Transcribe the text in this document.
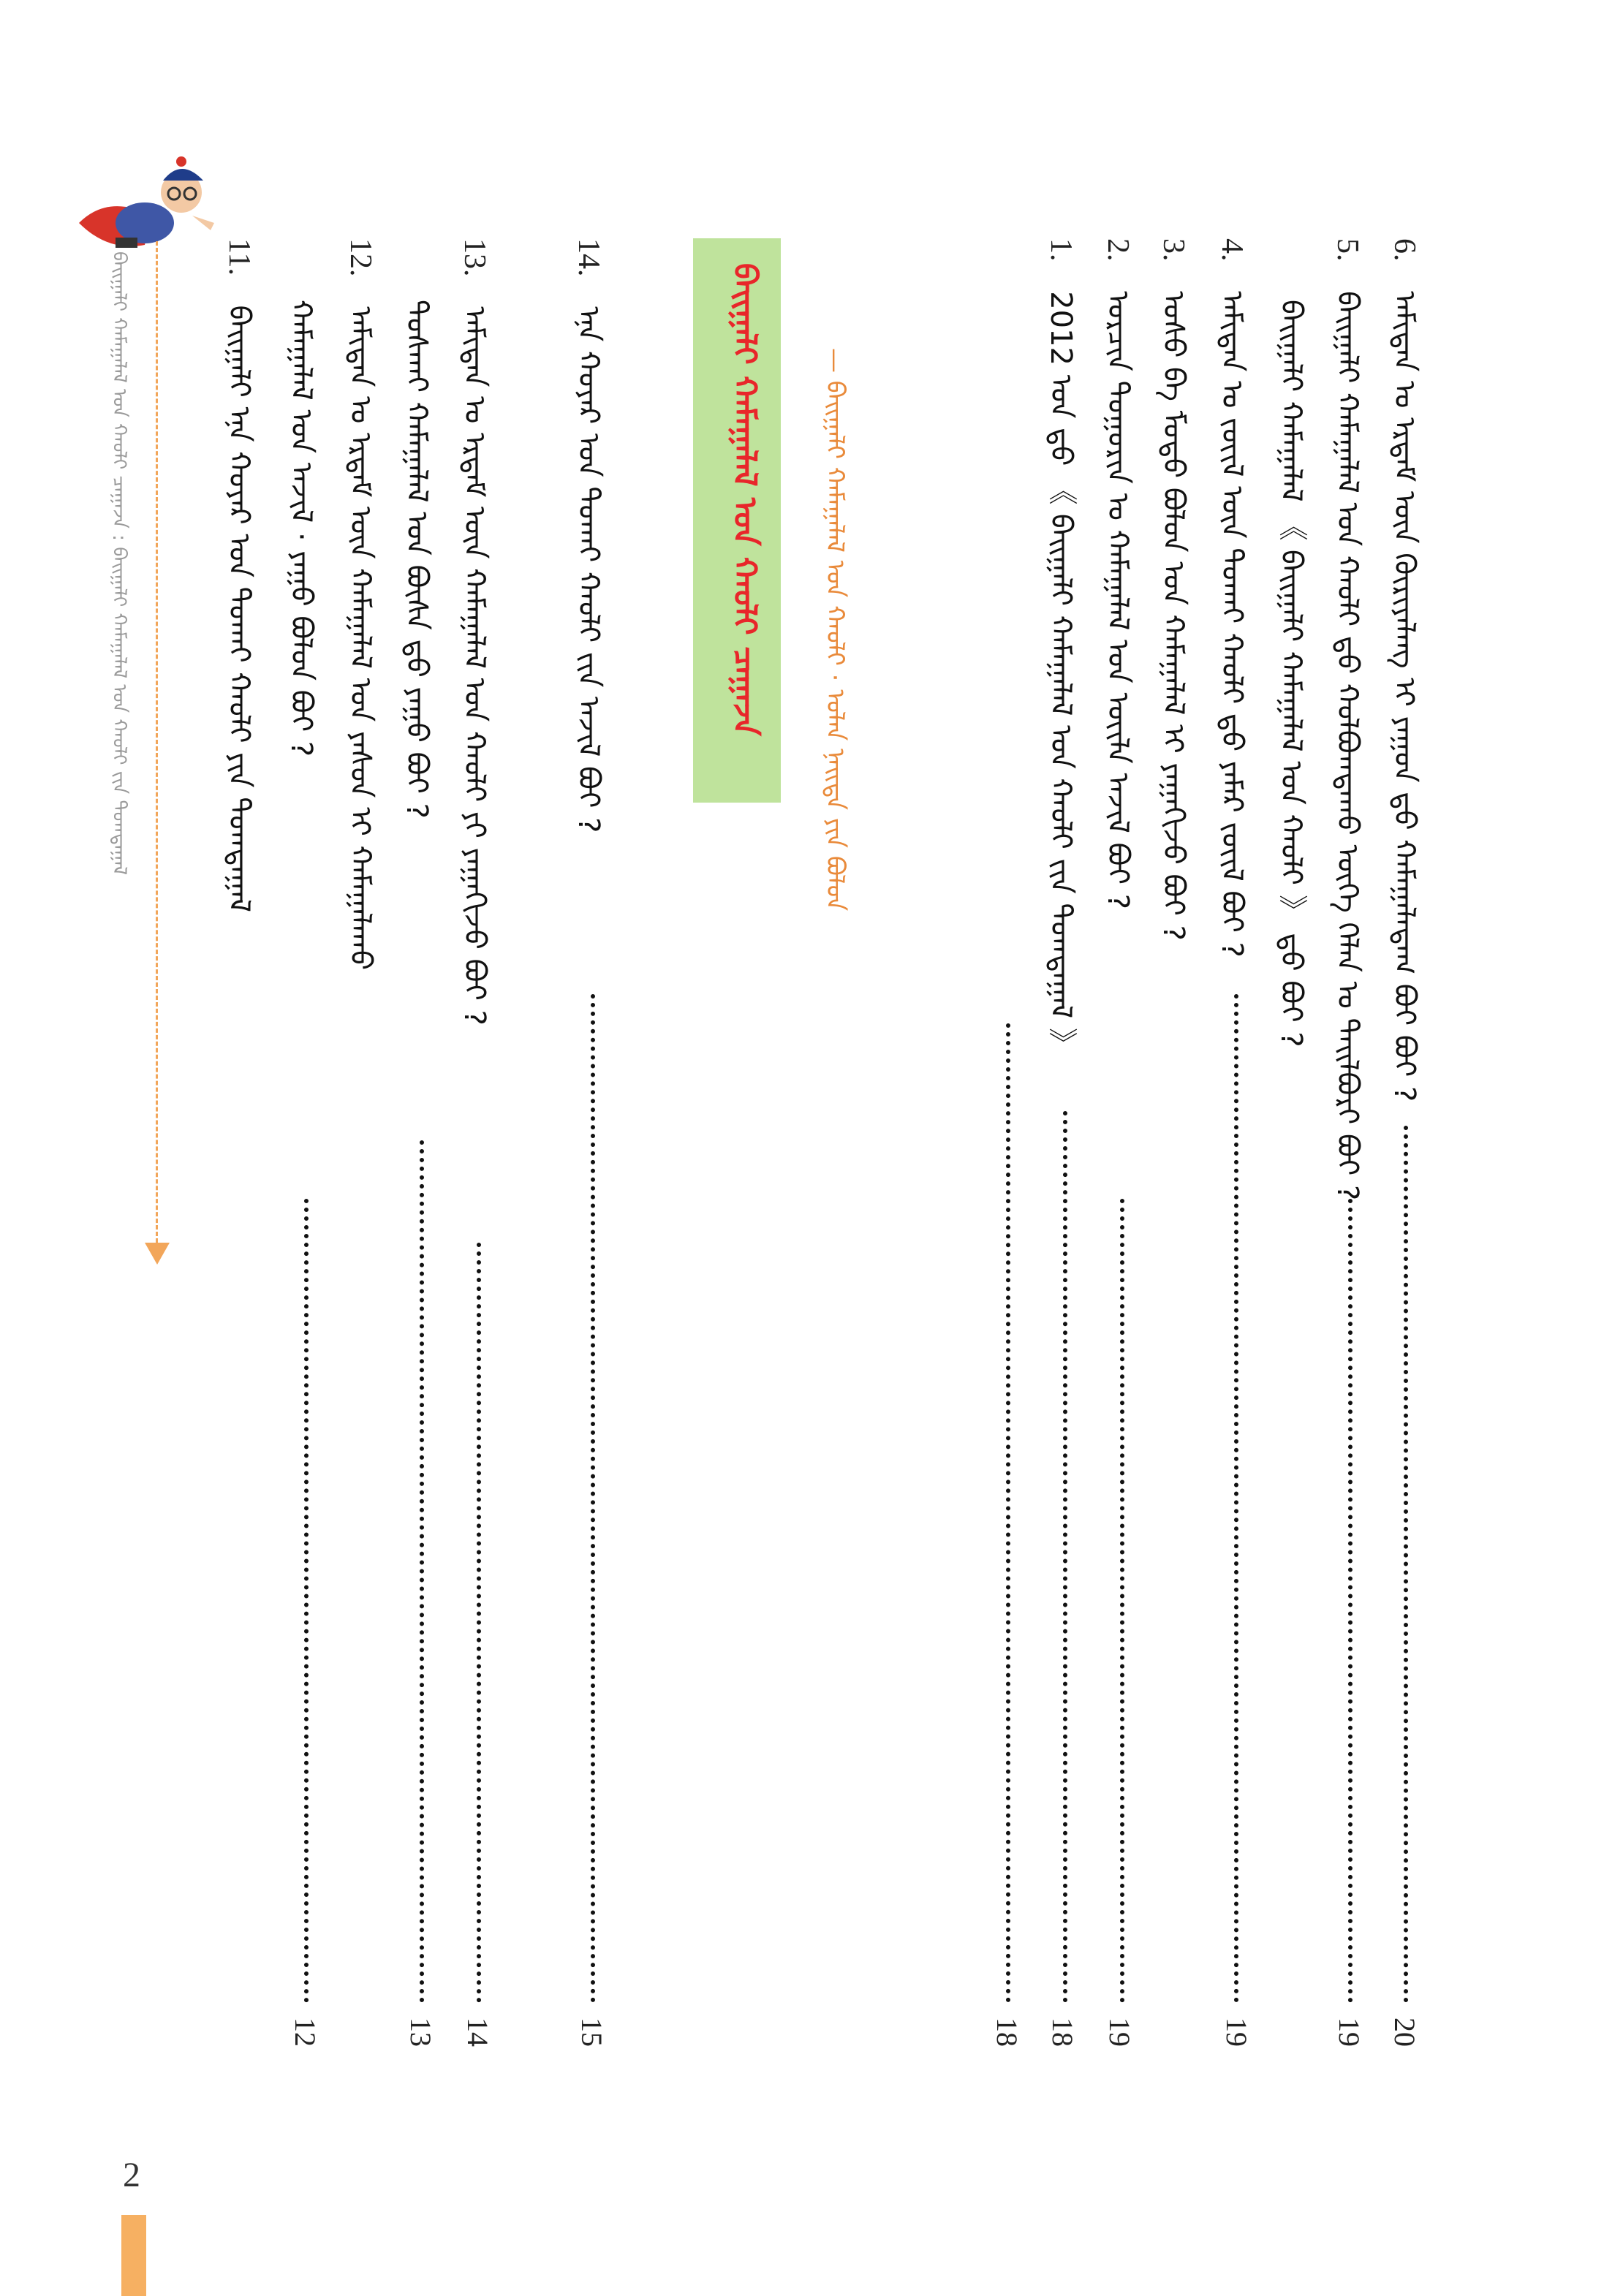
6. ᠠᠮᠢᠲᠠᠨ ᠤ ᠡᠷᠳᠡᠮ ᠦᠨ ᠬᠦᠷᠢᠶᠡᠯᠡᠩ ᠢ ᠶᠠᠭᠤᠨ ᠳ᠋ᠤ ᠬᠠᠮᠠᠭᠠᠯᠠᠳᠠᠭ ᠪᠤᠢ ᠪᠤᠢ ?
20
5. ᠪᠠᠢᠭᠠᠯᠢ ᠬᠠᠮᠠᠭᠠᠯᠠᠯ ᠤᠨ ᠬᠠᠤᠯᠢ ᠳ᠋ᠤ ᠬᠤᠯᠪᠤᠭᠳᠠᠬᠤ ᠦᠭᠡ ᠬᠡᠯᠡᠨ ᠤ ᠲᠠᠢᠯᠪᠤᠷᠢ ᠪᠤᠢ ?
19
ᠪᠠᠢᠭᠠᠯᠢ ᠬᠠᠮᠠᠭᠠᠯᠠᠯ 《 ᠪᠠᠢᠭᠠᠯᠢ ᠬᠠᠮᠠᠭᠠᠯᠠᠯ ᠤᠨ ᠬᠠᠤᠯᠢ 》 ᠳ᠋ᠤ ᠪᠤᠢ ?
4. ᠠᠮᠢᠲᠠᠨ ᠤ ᠵᠦᠢᠯ ᠦᠨ ᠲᠤᠬᠠᠢ ᠬᠠᠤᠯᠢ ᠳ᠋ᠤ ᠶᠠᠮᠠᠷ ᠵᠦᠢᠯ ᠪᠤᠢ ?
19
3. ᠤᠰᠤ ᠪᠠ ᠮᠣᠳᠣ ᠪᠣᠯᠤᠨ ᠤᠨ ᠬᠠᠮᠠᠭᠠᠯᠠᠯ ᠢ ᠶᠠᠭᠠᠬᠢᠵᠤ ᠪᠤᠢ ?
2. ᠣᠷᠴᠢᠨ ᠲᠣᠭᠣᠷᠢᠨ ᠤ ᠬᠠᠮᠠᠭᠠᠯᠠᠯ ᠤᠨ ᠦᠢᠯᠡ ᠠᠵᠢᠯ ᠪᠤᠢ ?
19
1. 2012 ᠣᠨ ᠳ᠋ᠤ 《 ᠪᠠᠢᠭᠠᠯᠢ ᠬᠠᠮᠠᠭᠠᠯᠠᠯ ᠤᠨ ᠬᠠᠤᠯᠢ ᠵᠢᠨ ᠲᠣᠭᠲᠠᠭᠠᠯ 》
18
18
ᠪᠠᠢᠭᠠᠯᠢ ᠬᠠᠮᠠᠭᠠᠯᠠᠯ ᠤᠨ ᠬᠠᠤᠯᠢ ᠴᠠᠭᠠᠵᠠ	— ᠪᠠᠢᠭᠠᠯᠢ ᠬᠠᠮᠠᠭᠠᠯᠠᠯ ᠤᠨ ᠬᠠᠤᠯᠢ · ᠣᠯᠠᠨ ᠨᠡᠢᠲᠡ ᠶᠢᠨ ᠪᠣᠯᠤᠨ
14. ᠡᠨᠡ ᠬᠣᠶᠠᠷ ᠤᠨ ᠲᠤᠬᠠᠢ ᠬᠠᠤᠯᠢ ᠵᠢᠨ ᠠᠵᠢᠯ ᠪᠤᠢ ?
15
13. ᠠᠮᠢᠲᠠᠨ ᠤ ᠡᠷᠳᠡᠮ ᠦᠨ ᠬᠠᠮᠠᠭᠠᠯᠠᠯ ᠤᠨ ᠬᠠᠤᠯᠢ ᠶᠢ ᠶᠠᠭᠠᠬᠢᠵᠤ ᠪᠤᠢ ?
14
ᠲᠤᠰᠬᠠᠢ ᠬᠠᠮᠠᠭᠠᠯᠠᠯ ᠤᠨ ᠪᠦᠰᠡ ᠳ᠋ᠤ ᠶᠠᠭᠤ ᠪᠤᠢ ?
13
12. ᠠᠮᠢᠲᠠᠨ ᠤ ᠡᠷᠳᠡᠮ ᠦᠨ ᠬᠠᠮᠠᠭᠠᠯᠠᠯ ᠤᠨ ᠶᠠᠰᠤᠨ ᠢ ᠬᠠᠮᠠᠭᠠᠯᠠᠬᠤ
ᠬᠠᠮᠠᠭᠠᠯᠠᠯ ᠤᠨ ᠠᠵᠢᠯ · ᠶᠠᠭᠤ ᠪᠣᠯᠤᠨ ᠪᠤᠢ ?
12
11. ᠪᠠᠢᠭᠠᠯᠢ ᠡᠨᠡ ᠬᠣᠶᠠᠷ ᠤᠨ ᠲᠤᠬᠠᠢ ᠬᠠᠤᠯᠢ ᠶᠢᠨ ᠲᠣᠭᠲᠠᠭᠠᠯ
ᠪᠠᠢᠭᠠᠯᠢ ᠬᠠᠮᠠᠭᠠᠯᠠᠯ ᠤᠨ ᠬᠠᠤᠯᠢ ᠴᠠᠭᠠᠵᠠ : ᠪᠠᠢᠭᠠᠯᠢ ᠬᠠᠮᠠᠭᠠᠯᠠᠯ ᠤᠨ ᠬᠠᠤᠯᠢ ᠵᠢᠨ ᠲᠣᠭᠲᠠᠭᠠᠯ
2
